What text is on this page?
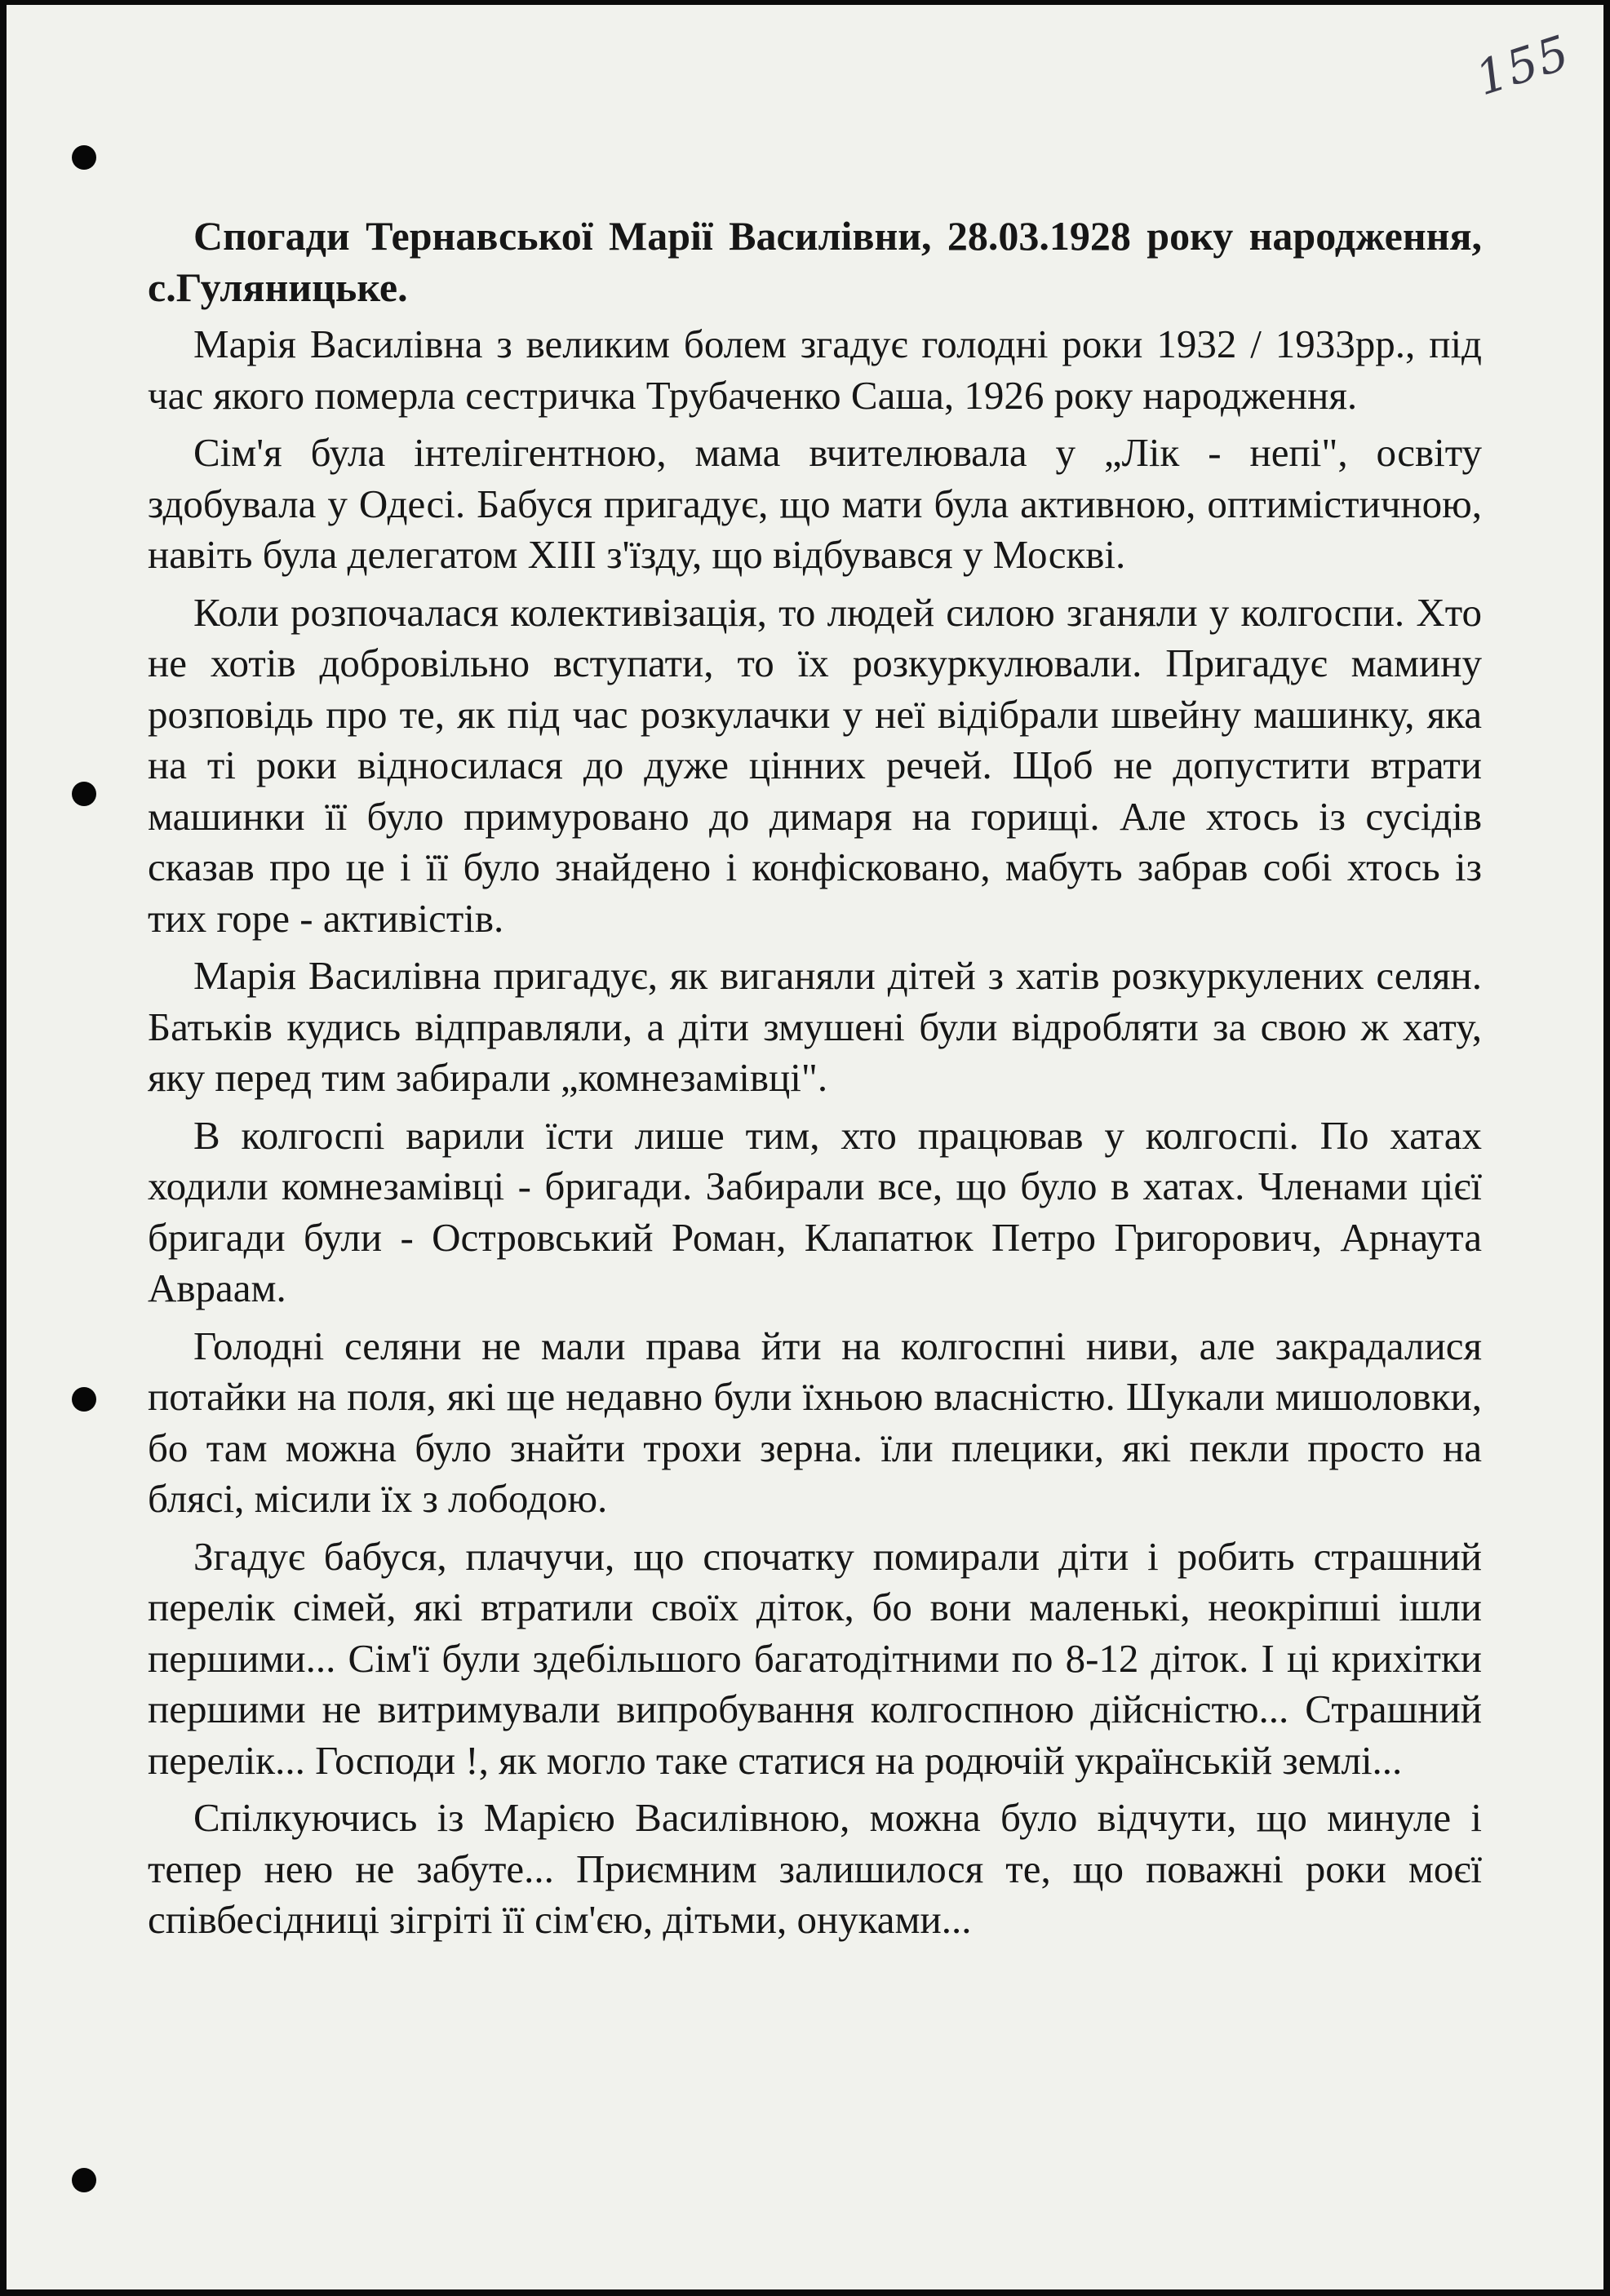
155

Спогади Тернавської Марії Василівни, 28.03.1928 року народження, с.Гуляницьке.

Марія Василівна з великим болем згадує голодні роки 1932 / 1933рр., під час якого померла сестричка Трубаченко Саша, 1926 року народження.

Сім'я була інтелігентною, мама вчителювала у „Лік - непі", освіту здобувала у Одесі. Бабуся пригадує, що мати була активною, оптимістичною, навіть була делегатом ХІІІ з'їзду, що відбувався у Москві.

Коли розпочалася колективізація, то людей силою зганяли у колгоспи. Хто не хотів добровільно вступати, то їх розкуркулювали. Пригадує мамину розповідь про те, як під час розкулачки у неї відібрали швейну машинку, яка на ті роки відносилася до дуже цінних речей. Щоб не допустити втрати машинки її було примуровано до димаря на горищі. Але хтось із сусідів сказав про це і її було знайдено і конфісковано, мабуть забрав собі хтось із тих горе - активістів.

Марія Василівна пригадує, як виганяли дітей з хатів розкуркулених селян. Батьків кудись відправляли, а діти змушені були відробляти за свою ж хату, яку перед тим забирали „комнезамівці".

В колгоспі варили їсти лише тим, хто працював у колгоспі. По хатах ходили комнезамівці - бригади. Забирали все, що було в хатах. Членами цієї бригади були - Островський Роман, Клапатюк Петро Григорович, Арнаута Авраам.

Голодні селяни не мали права йти на колгоспні ниви, але закрадалися потайки на поля, які ще недавно були їхньою власністю. Шукали мишоловки, бо там можна було знайти трохи зерна. їли плецики, які пекли просто на блясі, місили їх з лободою.

Згадує бабуся, плачучи, що спочатку помирали діти і робить страшний перелік сімей, які втратили своїх діток, бо вони маленькі, неокріпші ішли першими... Сім'ї були здебільшого багатодітними по 8-12 діток. І ці крихітки першими не витримували випробування колгоспною дійсністю... Страшний перелік... Господи !, як могло таке статися на родючій українській землі...

Спілкуючись із Марією Василівною, можна було відчути, що минуле і тепер нею не забуте... Приємним залишилося те, що поважні роки моєї співбесідниці зігріті її сім'єю, дітьми, онуками...
